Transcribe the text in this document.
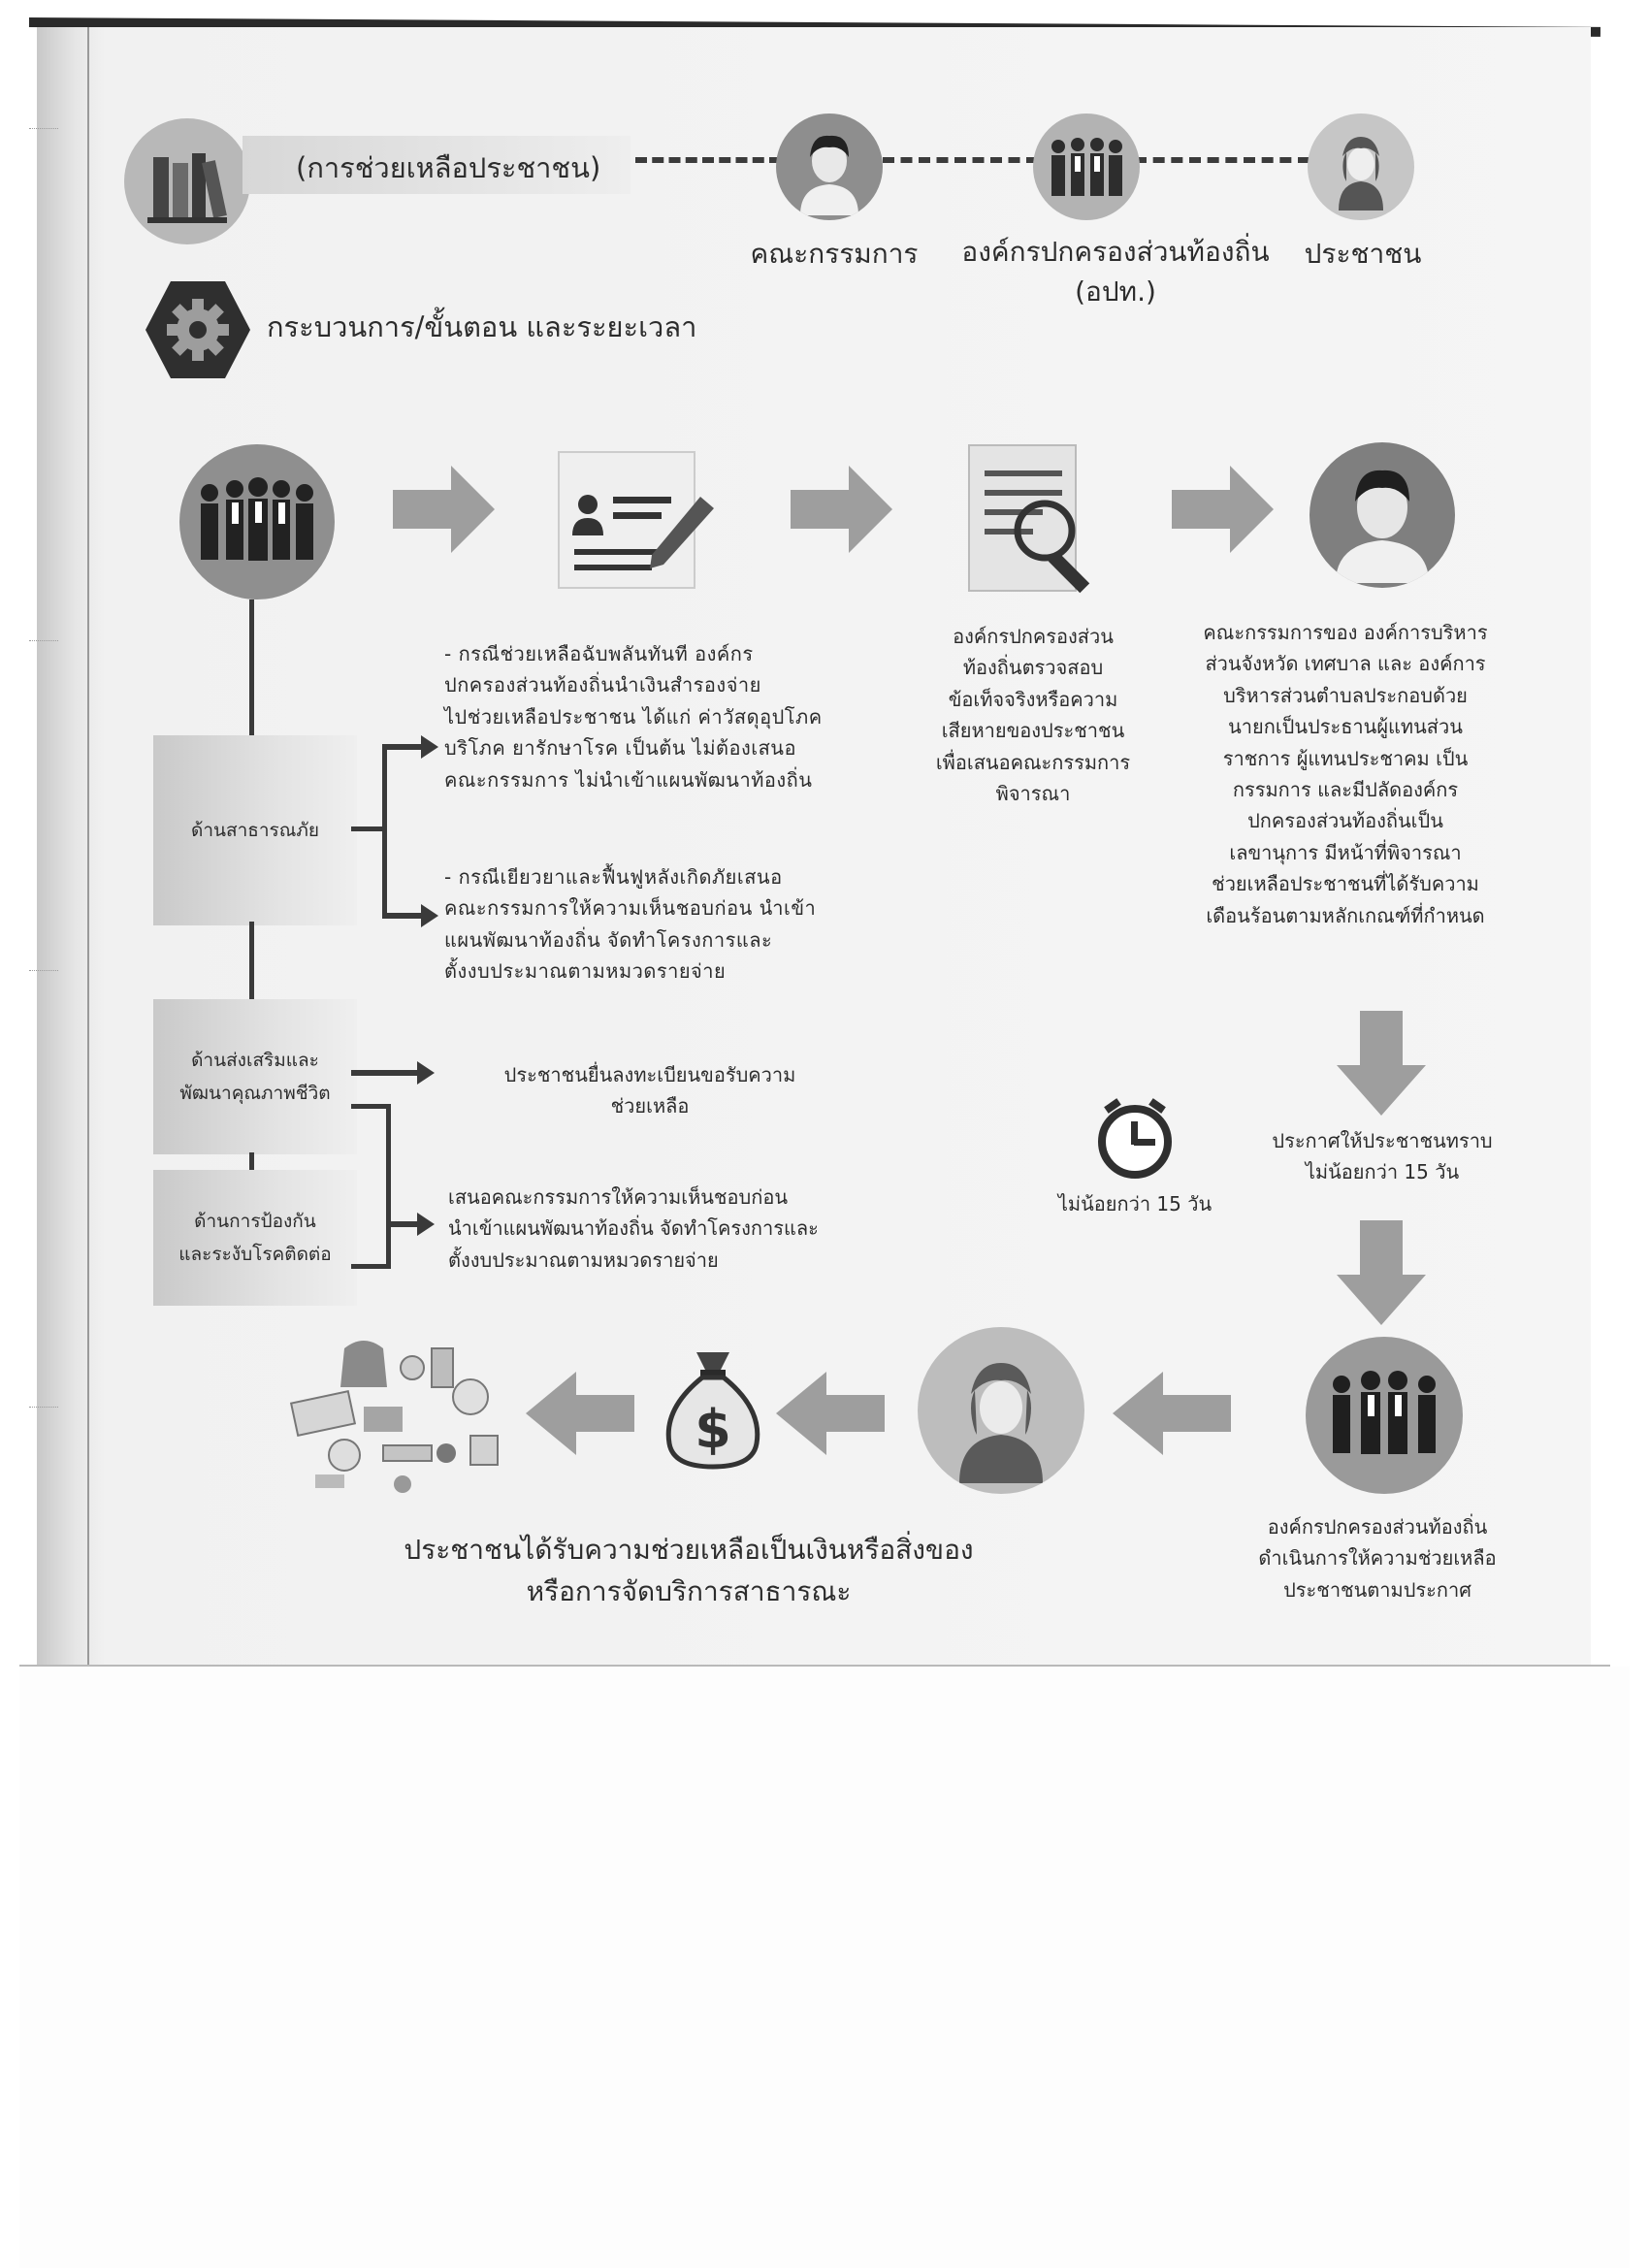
(การช่วยเหลือประชาชน)
คณะกรรมการ	องค์กรปกครองส่วนท้องถิ่น
(อปท.)
ประชาชน
กระบวนการ/ขั้นตอน และระยะเวลา
ด้านสาธารณภัย
ด้านส่งเสริมและ
พัฒนาคุณภาพชีวิต
ด้านการป้องกัน
และระงับโรคติดต่อ
- กรณีช่วยเหลือฉับพลันทันที องค์กร
ปกครองส่วนท้องถิ่นนำเงินสำรองจ่าย
ไปช่วยเหลือประชาชน ได้แก่ ค่าวัสดุอุปโภค
บริโภค ยารักษาโรค เป็นต้น ไม่ต้องเสนอ
คณะกรรมการ ไม่นำเข้าแผนพัฒนาท้องถิ่น
- กรณีเยียวยาและฟื้นฟูหลังเกิดภัยเสนอ
คณะกรรมการให้ความเห็นชอบก่อน นำเข้า
แผนพัฒนาท้องถิ่น จัดทำโครงการและ
ตั้งงบประมาณตามหมวดรายจ่าย
ประชาชนยื่นลงทะเบียนขอรับความ
ช่วยเหลือ
เสนอคณะกรรมการให้ความเห็นชอบก่อน
นำเข้าแผนพัฒนาท้องถิ่น จัดทำโครงการและ
ตั้งงบประมาณตามหมวดรายจ่าย
องค์กรปกครองส่วน
ท้องถิ่นตรวจสอบ
ข้อเท็จจริงหรือความ
เสียหายของประชาชน
เพื่อเสนอคณะกรรมการ
พิจารณา
คณะกรรมการของ องค์การบริหาร
ส่วนจังหวัด เทศบาล และ องค์การ
บริหารส่วนตำบลประกอบด้วย
นายกเป็นประธานผู้แทนส่วน
ราชการ ผู้แทนประชาคม เป็น
กรรมการ และมีปลัดองค์กร
ปกครองส่วนท้องถิ่นเป็น
เลขานุการ มีหน้าที่พิจารณา
ช่วยเหลือประชาชนที่ได้รับความ
เดือนร้อนตามหลักเกณฑ์ที่กำหนด
ประกาศให้ประชาชนทราบ
ไม่น้อยกว่า 15 วัน
ไม่น้อยกว่า 15 วัน
$
องค์กรปกครองส่วนท้องถิ่น
ดำเนินการให้ความช่วยเหลือ
ประชาชนตามประกาศ
ประชาชนได้รับความช่วยเหลือเป็นเงินหรือสิ่งของ
หรือการจัดบริการสาธารณะ
